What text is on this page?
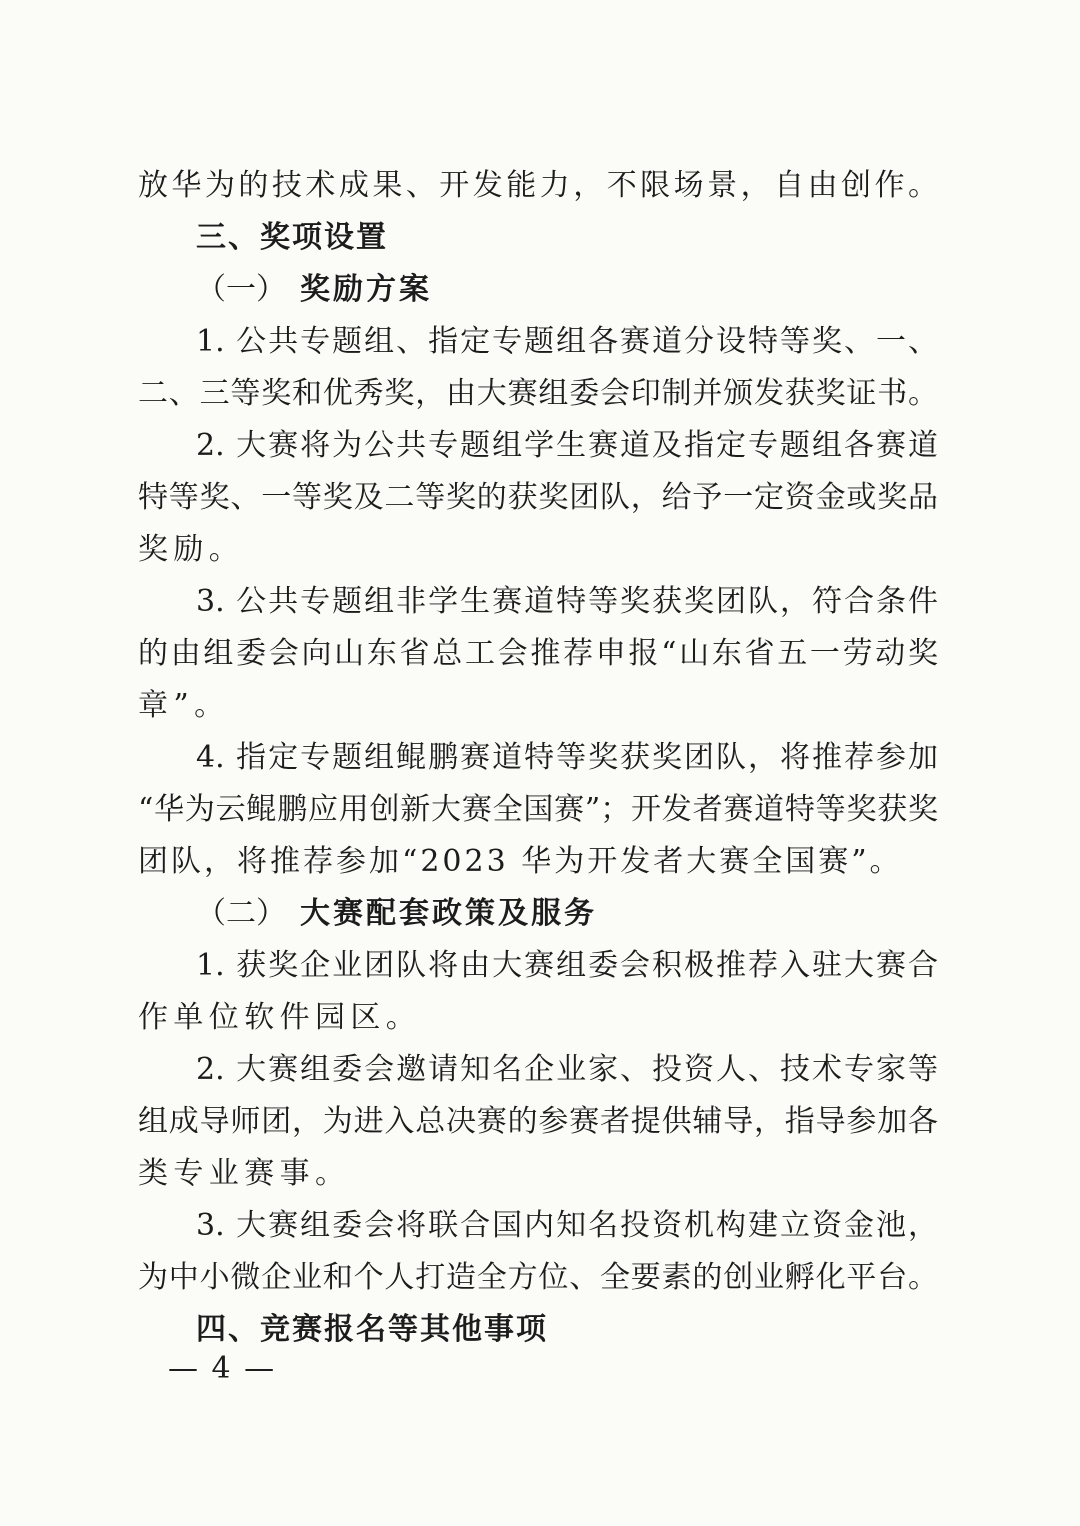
放华为的技术成果、开发能力，不限场景，自由创作。
三、奖项设置
（一） 奖励方案
1. 公共专题组、指定专题组各赛道分设特等奖、一、
二、三等奖和优秀奖，由大赛组委会印制并颁发获奖证书。
2. 大赛将为公共专题组学生赛道及指定专题组各赛道
特等奖、一等奖及二等奖的获奖团队，给予一定资金或奖品
奖励。
3. 公共专题组非学生赛道特等奖获奖团队，符合条件
的由组委会向山东省总工会推荐申报“山东省五一劳动奖
章”。
4. 指定专题组鲲鹏赛道特等奖获奖团队，将推荐参加
“华为云鲲鹏应用创新大赛全国赛”；开发者赛道特等奖获奖
团队，将推荐参加“2023 华为开发者大赛全国赛”。
（二） 大赛配套政策及服务
1. 获奖企业团队将由大赛组委会积极推荐入驻大赛合
作单位软件园区。
2. 大赛组委会邀请知名企业家、投资人、技术专家等
组成导师团，为进入总决赛的参赛者提供辅导，指导参加各
类专业赛事。
3. 大赛组委会将联合国内知名投资机构建立资金池，
为中小微企业和个人打造全方位、全要素的创业孵化平台。
四、竞赛报名等其他事项
— 4 —
